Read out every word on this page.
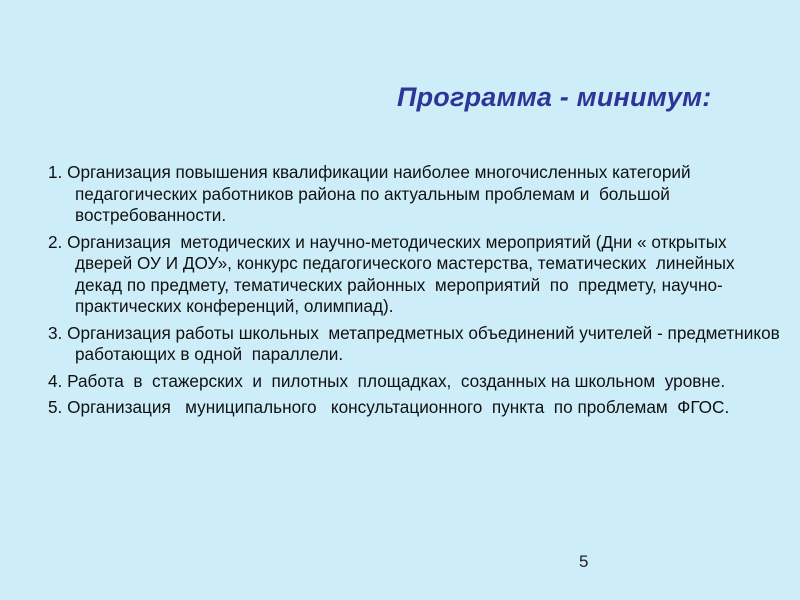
Программа - минимум:
1. Организация повышения квалификации наиболее многочисленных категорий педагогических работников района по актуальным проблемам и  большой  востребованности.
2. Организация  методических и научно-методических мероприятий (Дни « открытых  дверей ОУ И ДОУ», конкурс педагогического мастерства, тематических  линейных  декад по предмету, тематических районных  мероприятий  по  предмету, научно-практических конференций, олимпиад).
3. Организация работы школьных  метапредметных объединений учителей - предметников работающих в одной  параллели.
4. Работа  в  стажерских  и  пилотных  площадках,  созданных на школьном  уровне.
5. Организация   муниципального   консультационного  пункта  по проблемам  ФГОС.
5
